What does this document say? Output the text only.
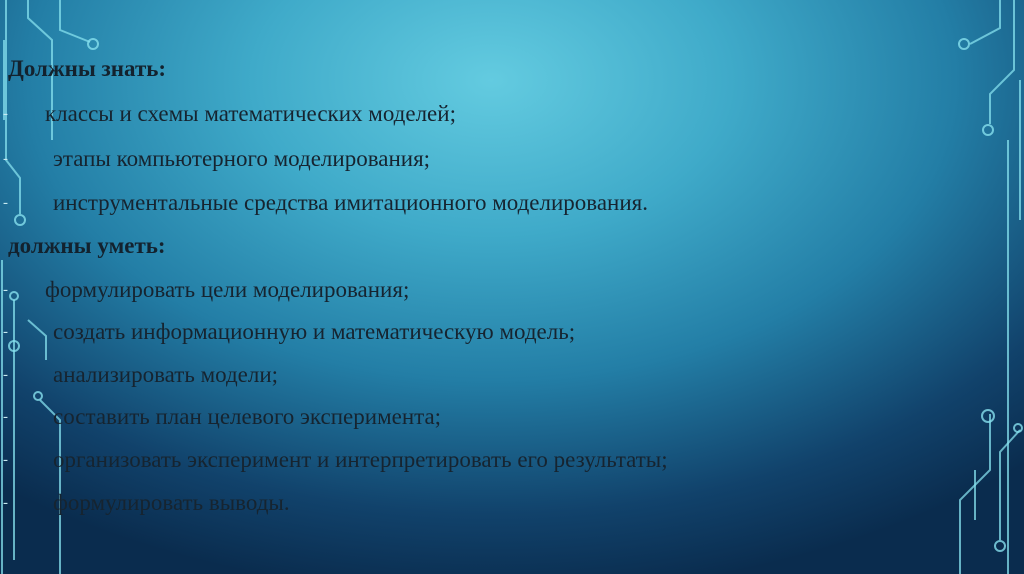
Должны знать:
- классы и схемы математических моделей;
- этапы компьютерного моделирования;
- инструментальные средства имитационного моделирования.
должны уметь:
- формулировать цели моделирования;
- создать информационную и математическую модель;
- анализировать модели;
- составить план целевого эксперимента;
- организовать эксперимент и интерпретировать его результаты;
- формулировать выводы.
